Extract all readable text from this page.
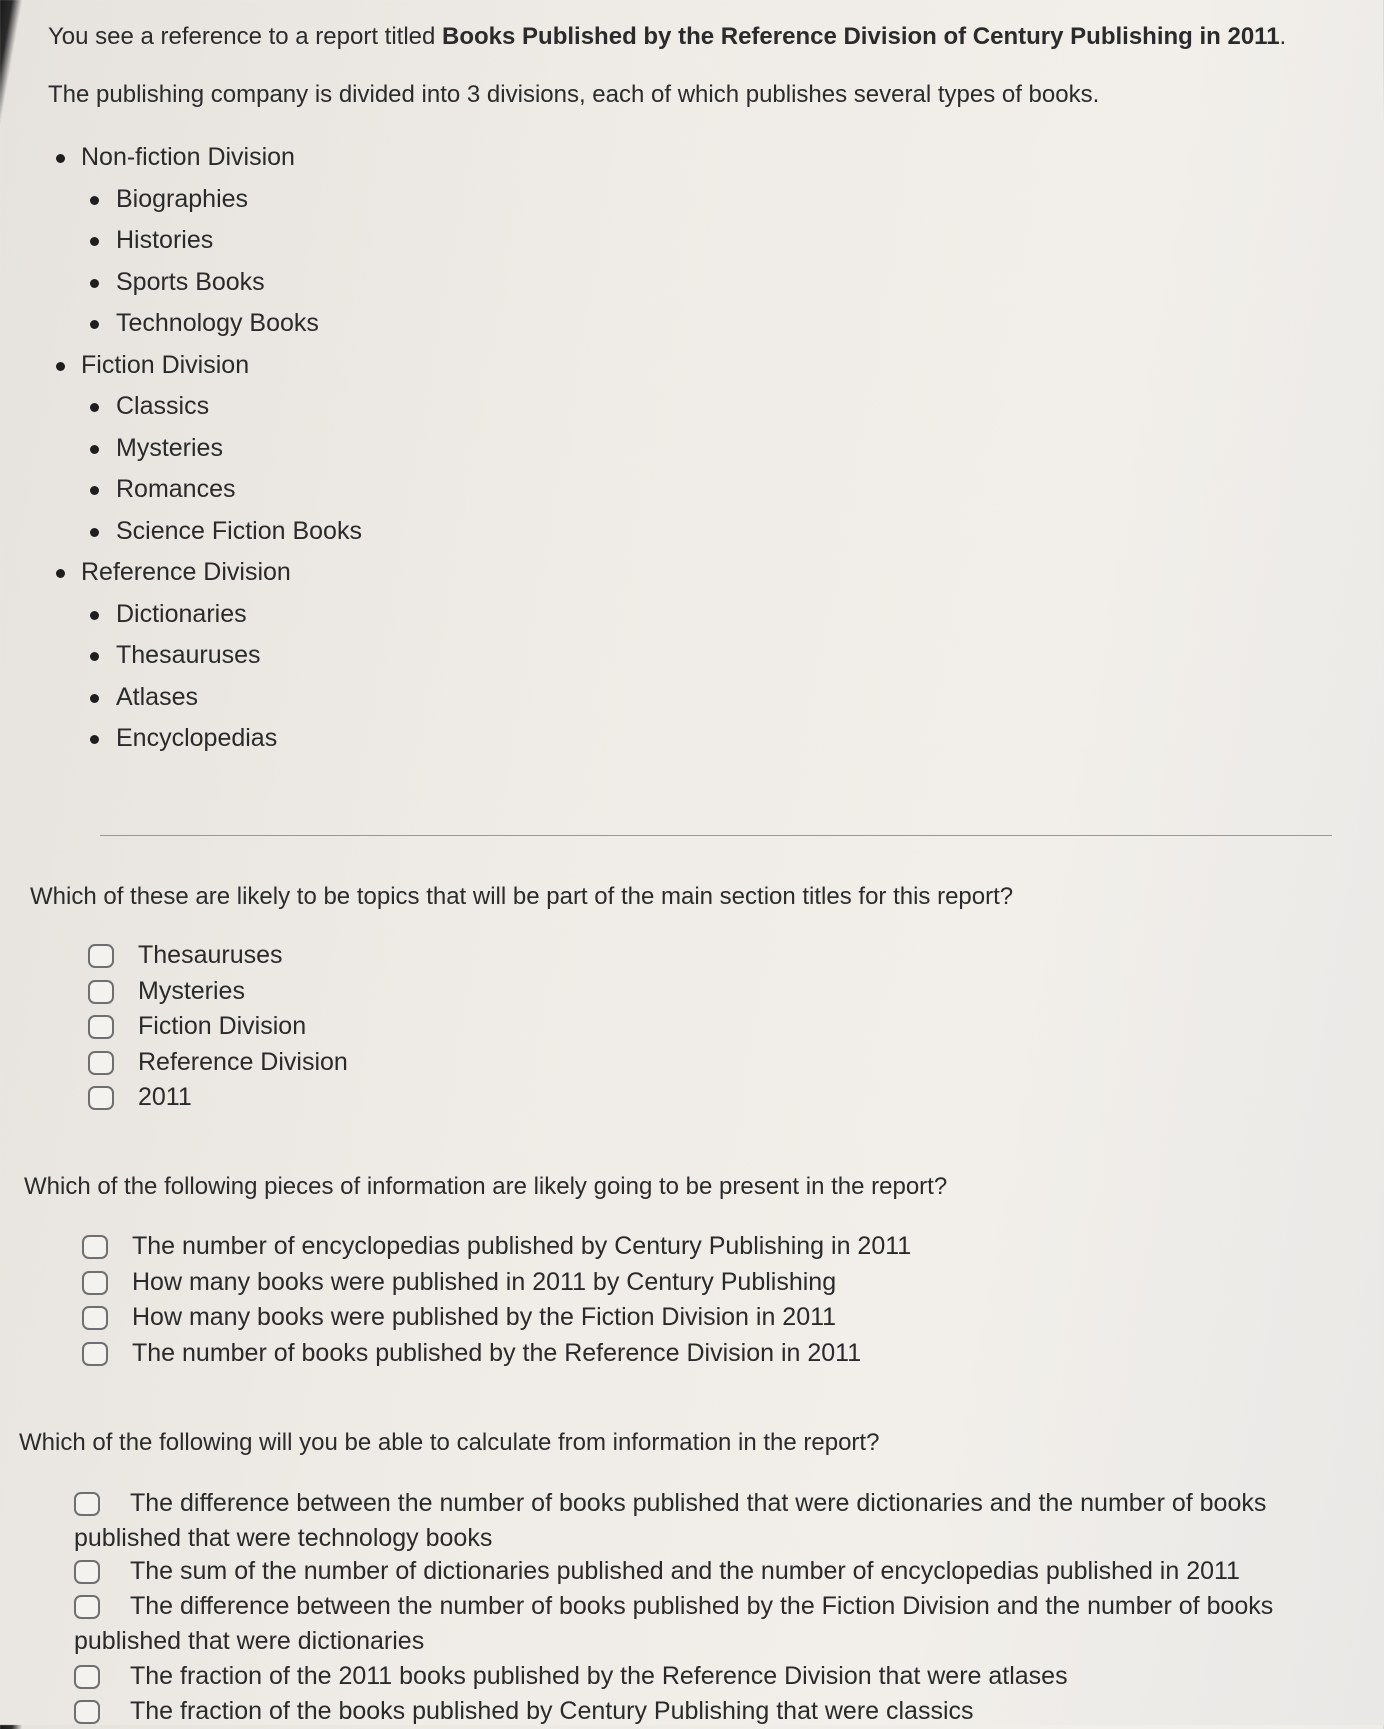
You see a reference to a report titled Books Published by the Reference Division of Century Publishing in 2011.
The publishing company is divided into 3 divisions, each of which publishes several types of books.
Non-fiction Division
Biographies
Histories
Sports Books
Technology Books
Fiction Division
Classics
Mysteries
Romances
Science Fiction Books
Reference Division
Dictionaries
Thesauruses
Atlases
Encyclopedias
Which of these are likely to be topics that will be part of the main section titles for this report?
Thesauruses
Mysteries
Fiction Division
Reference Division
2011
Which of the following pieces of information are likely going to be present in the report?
The number of encyclopedias published by Century Publishing in 2011
How many books were published in 2011 by Century Publishing
How many books were published by the Fiction Division in 2011
The number of books published by the Reference Division in 2011
Which of the following will you be able to calculate from information in the report?
The difference between the number of books published that were dictionaries and the number of books
published that were technology books
The sum of the number of dictionaries published and the number of encyclopedias published in 2011
The difference between the number of books published by the Fiction Division and the number of books
published that were dictionaries
The fraction of the 2011 books published by the Reference Division that were atlases
The fraction of the books published by Century Publishing that were classics
